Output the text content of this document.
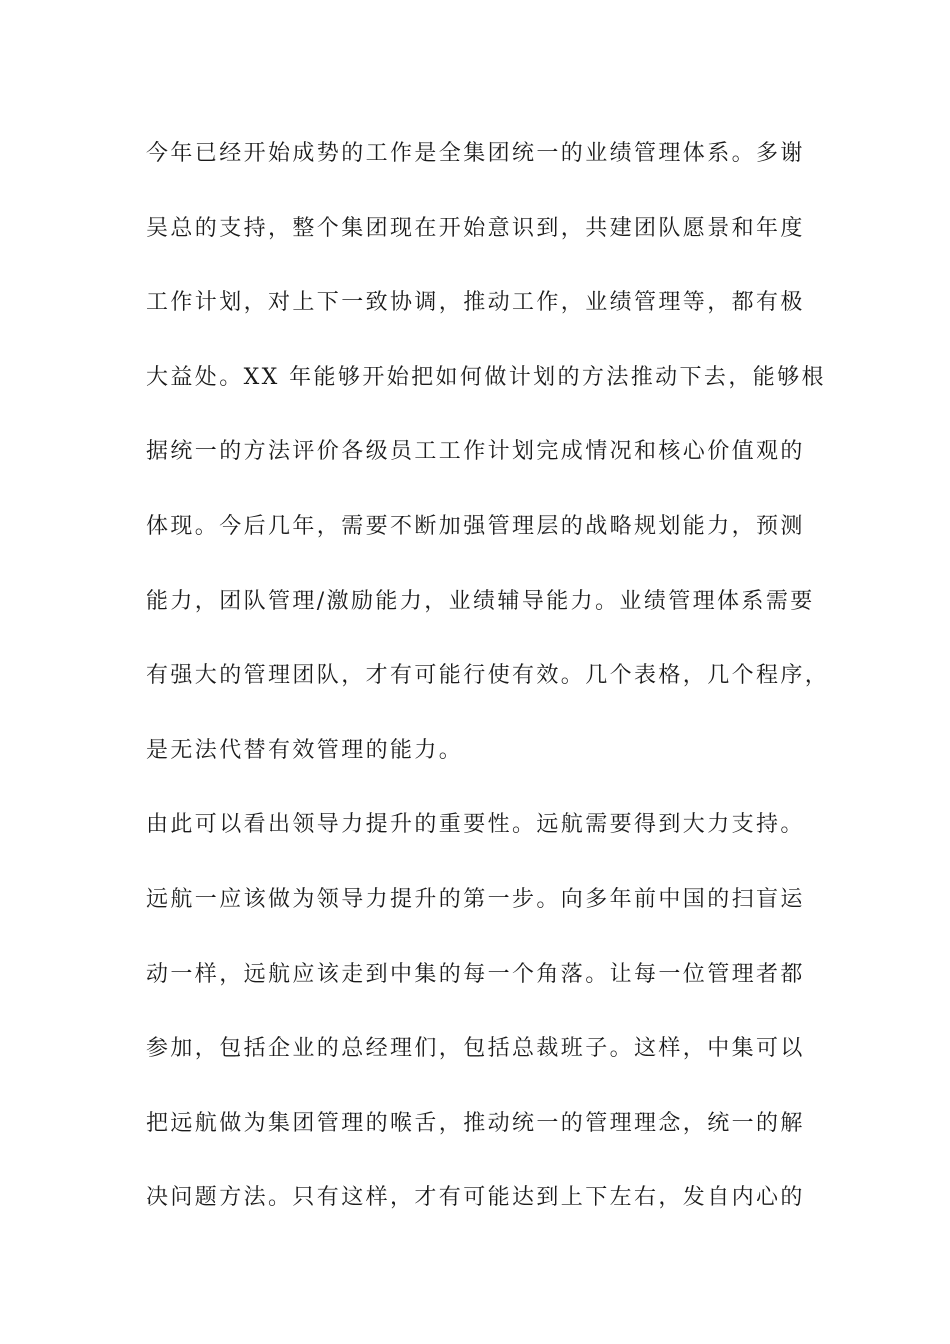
今年已经开始成势的工作是全集团统一的业绩管理体系。多谢
吴总的支持，整个集团现在开始意识到，共建团队愿景和年度
工作计划，对上下一致协调，推动工作，业绩管理等，都有极
大益处。XX 年能够开始把如何做计划的方法推动下去，能够根
据统一的方法评价各级员工工作计划完成情况和核心价值观的
体现。今后几年，需要不断加强管理层的战略规划能力，预测
能力，团队管理/激励能力，业绩辅导能力。业绩管理体系需要
有强大的管理团队，才有可能行使有效。几个表格，几个程序，
是无法代替有效管理的能力。
由此可以看出领导力提升的重要性。远航需要得到大力支持。
远航一应该做为领导力提升的第一步。向多年前中国的扫盲运
动一样，远航应该走到中集的每一个角落。让每一位管理者都
参加，包括企业的总经理们，包括总裁班子。这样，中集可以
把远航做为集团管理的喉舌，推动统一的管理理念，统一的解
决问题方法。只有这样，才有可能达到上下左右，发自内心的
